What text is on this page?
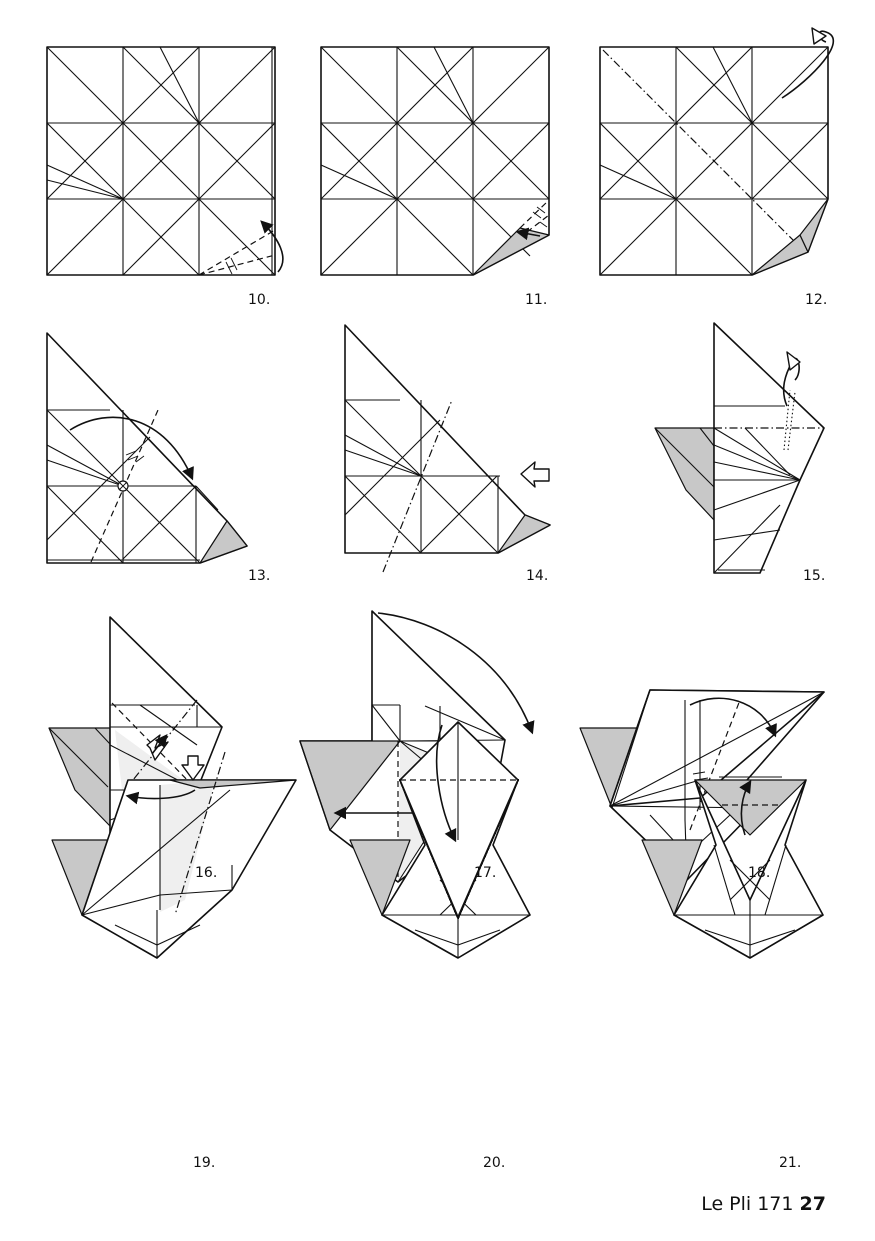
10.	11.	12.
13.	14.	15.
16.	17.	18.
19.	20.	21.
Le Pli 171 27
